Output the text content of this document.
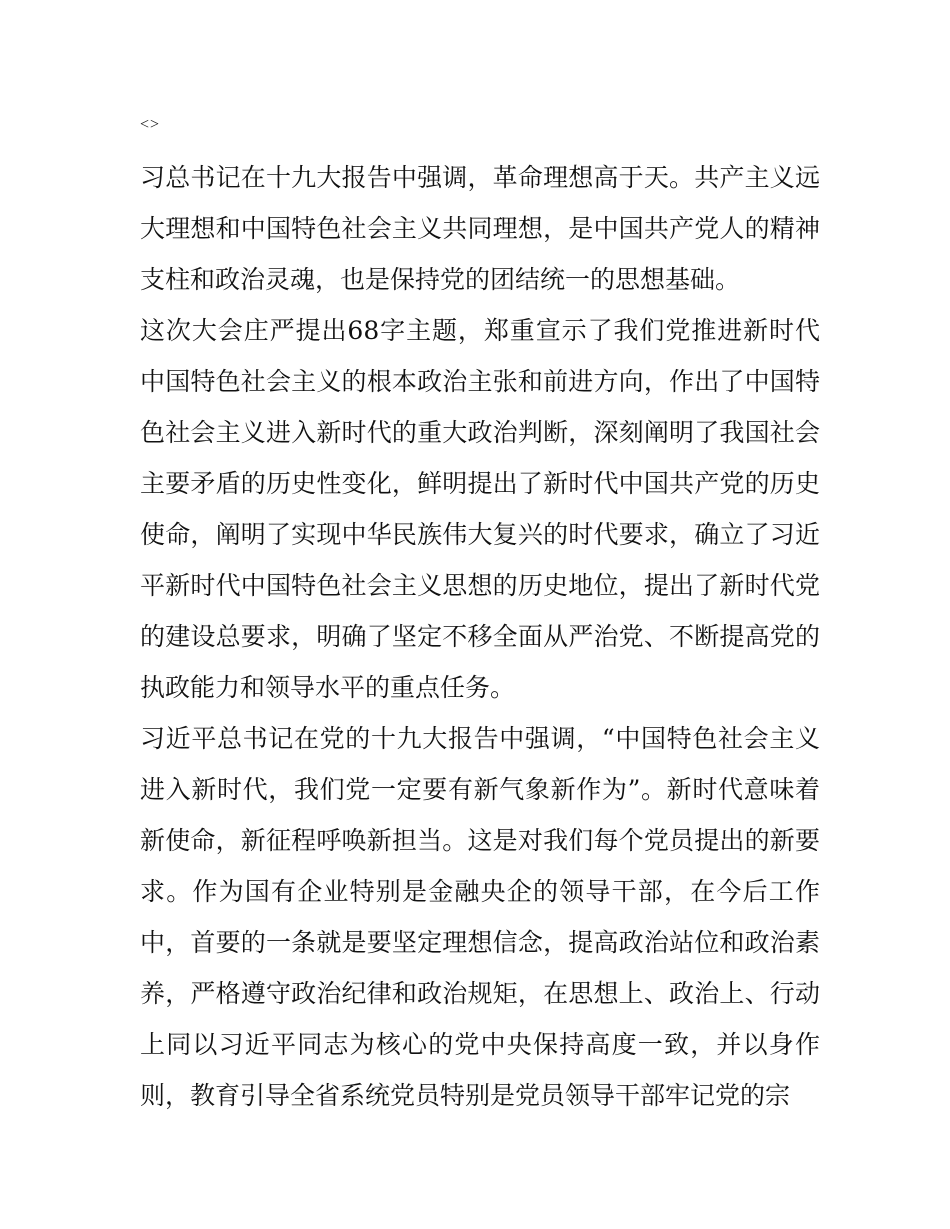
<>

习总书记在十九大报告中强调，革命理想高于天。共产主义远大理想和中国特色社会主义共同理想，是中国共产党人的精神支柱和政治灵魂，也是保持党的团结统一的思想基础。

这次大会庄严提出68字主题，郑重宣示了我们党推进新时代中国特色社会主义的根本政治主张和前进方向，作出了中国特色社会主义进入新时代的重大政治判断，深刻阐明了我国社会主要矛盾的历史性变化，鲜明提出了新时代中国共产党的历史使命，阐明了实现中华民族伟大复兴的时代要求，确立了习近平新时代中国特色社会主义思想的历史地位，提出了新时代党的建设总要求，明确了坚定不移全面从严治党、不断提高党的执政能力和领导水平的重点任务。

习近平总书记在党的十九大报告中强调，“中国特色社会主义进入新时代，我们党一定要有新气象新作为”。新时代意味着新使命，新征程呼唤新担当。这是对我们每个党员提出的新要求。作为国有企业特别是金融央企的领导干部，在今后工作中，首要的一条就是要坚定理想信念，提高政治站位和政治素养，严格遵守政治纪律和政治规矩，在思想上、政治上、行动上同以习近平同志为核心的党中央保持高度一致，并以身作则，教育引导全省系统党员特别是党员领导干部牢记党的宗
